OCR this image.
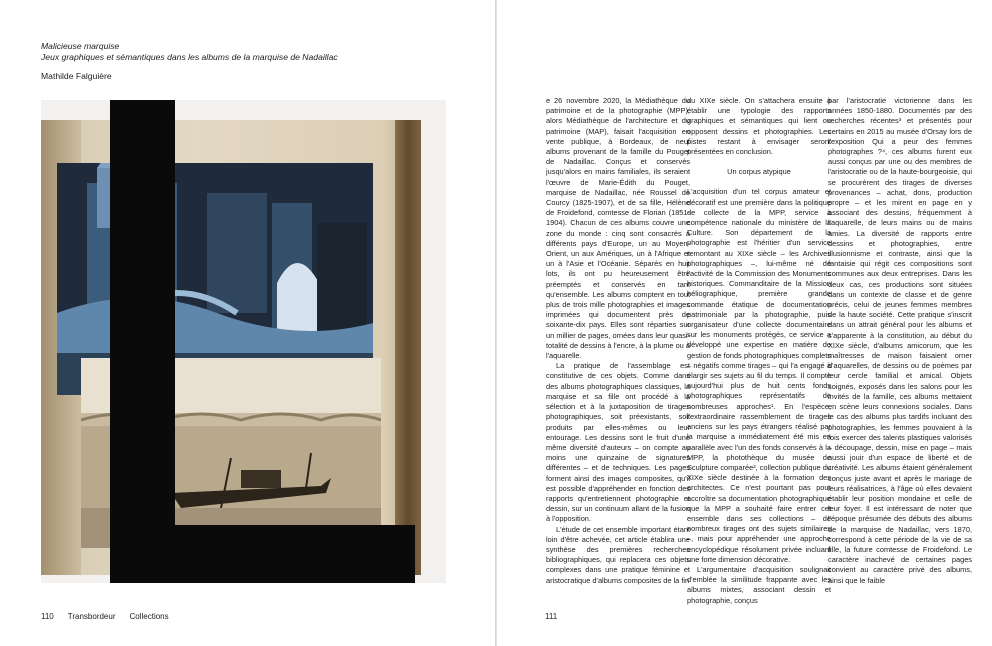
Malicieuse marquise
Jeux graphiques et sémantiques dans les albums de la marquise de Nadaillac
Mathilde Falguière
110 Transbordeur Collections

e 26 novembre 2020, la Médiathèque du patrimoine et de la photographie (MPP), alors Médiathèque de l'architecture et du patrimoine (MAP), faisait l'acquisition en vente publique, à Bordeaux, de neuf albums provenant de la famille du Pouget de Nadaillac. Conçus et conservés jusqu'alors en mains familiales, ils seraient l'œuvre de Marie-Édith du Pouget, marquise de Nadaillac, née Roussel de Courcy (1825-1907), et de sa fille, Hélène de Froidefond, comtesse de Florian (1851-1904). Chacun de ces albums couvre une zone du monde : cinq sont consacrés à différents pays d'Europe, un au Moyen-Orient, un aux Amériques, un à l'Afrique et un à l'Asie et l'Océanie. Séparés en huit lots, ils ont pu heureusement être préemptés et conservés en tant qu'ensemble. Les albums comptent en tout plus de trois mille photographies et images imprimées qui documentent près de soixante-dix pays. Elles sont réparties sur un millier de pages, ornées dans leur quasi-totalité de dessins à l'encre, à la plume ou à l'aquarelle.

La pratique de l'assemblage est constitutive de ces objets. Comme dans des albums photographiques classiques, la marquise et sa fille ont procédé à la sélection et à la juxtaposition de tirages photographiques, soit préexistants, soit produits par elles-mêmes ou leur entourage. Les dessins sont le fruit d'une même diversité d'auteurs – on compte au moins une quinzaine de signatures différentes – et de techniques. Les pages forment ainsi des images composites, qu'il est possible d'appréhender en fonction des rapports qu'entretiennent photographie et dessin, sur un continuum allant de la fusion à l'opposition.

L'étude de cet ensemble important étant loin d'être achevée, cet article établira une synthèse des premières recherches bibliographiques, qui replacera ces objets complexes dans une pratique féminine et aristocratique d'albums composites de la fin

du XIXe siècle. On s'attachera ensuite à établir une typologie des rapports graphiques et sémantiques qui lient ou opposent dessins et photographies. Les pistes restant à envisager seront présentées en conclusion.

Un corpus atypique

L'acquisition d'un tel corpus amateur et décoratif est une première dans la politique de collecte de la MPP, service à compétence nationale du ministère de la Culture. Son département de la photographie est l'héritier d'un service remontant au XIXe siècle – les Archives photographiques –, lui-même né de l'activité de la Commission des Monuments historiques. Commanditaire de la Mission héliographique, première grande commande étatique de documentation patrimoniale par la photographie, puis organisateur d'une collecte documentaire sur les monuments protégés, ce service a développé une expertise en matière de gestion de fonds photographiques complets – négatifs comme tirages – qui l'a engagé à élargir ses sujets au fil du temps. Il compte aujourd'hui plus de huit cents fonds photographiques représentatifs de nombreuses approches¹. En l'espèce, l'extraordinaire rassemblement de tirages anciens sur les pays étrangers réalisé par la marquise a immédiatement été mis en parallèle avec l'un des fonds conservés à la MPP, la photothèque du musée de Sculpture comparée², collection publique du XIXe siècle destinée à la formation des architectes. Ce n'est pourtant pas pour accroître sa documentation photographique que la MPP a souhaité faire entrer cet ensemble dans ses collections – de nombreux tirages ont des sujets similaires –, mais pour appréhender une approche encyclopédique résolument privée incluant une forte dimension décorative.

L'argumentaire d'acquisition soulignait d'emblée la similitude frappante avec les albums mixtes, associant dessin et photographie, conçus

par l'aristocratie victorienne dans les années 1850-1880. Documentés par des recherches récentes³ et présentés pour certains en 2015 au musée d'Orsay lors de l'exposition Qui a peur des femmes photographes ?⁴, ces albums furent eux aussi conçus par une ou des membres de l'aristocratie ou de la haute-bourgeoisie, qui se procurèrent des tirages de diverses provenances – achat, dons, production propre – et les mirent en page en y associant des dessins, fréquemment à l'aquarelle, de leurs mains ou de mains amies. La diversité de rapports entre dessins et photographies, entre illusionnisme et contraste, ainsi que la fantaisie qui régit ces compositions sont communes aux deux entreprises. Dans les deux cas, ces productions sont situées dans un contexte de classe et de genre précis, celui de jeunes femmes membres de la haute société. Cette pratique s'inscrit dans un attrait général pour les albums et s'apparente à la constitution, au début du XIXe siècle, d'albums amicorum, que les maîtresses de maison faisaient orner d'aquarelles, de dessins ou de poèmes par leur cercle familial et amical. Objets soignés, exposés dans les salons pour les invités de la famille, ces albums mettaient en scène leurs connexions sociales. Dans le cas des albums plus tardifs incluant des photographies, les femmes pouvaient à la fois exercer des talents plastiques valorisés – découpage, dessin, mise en page – mais aussi jouir d'un espace de liberté et de créativité. Les albums étaient généralement conçus juste avant et après le mariage de leurs réalisatrices, à l'âge où elles devaient établir leur position mondaine et celle de leur foyer. Il est intéressant de noter que l'époque présumée des débuts des albums de la marquise de Nadaillac, vers 1870, correspond à cette période de la vie de sa fille, la future comtesse de Froidefond. Le caractère inachevé de certaines pages convient au caractère privé des albums, ainsi que le faible

111
